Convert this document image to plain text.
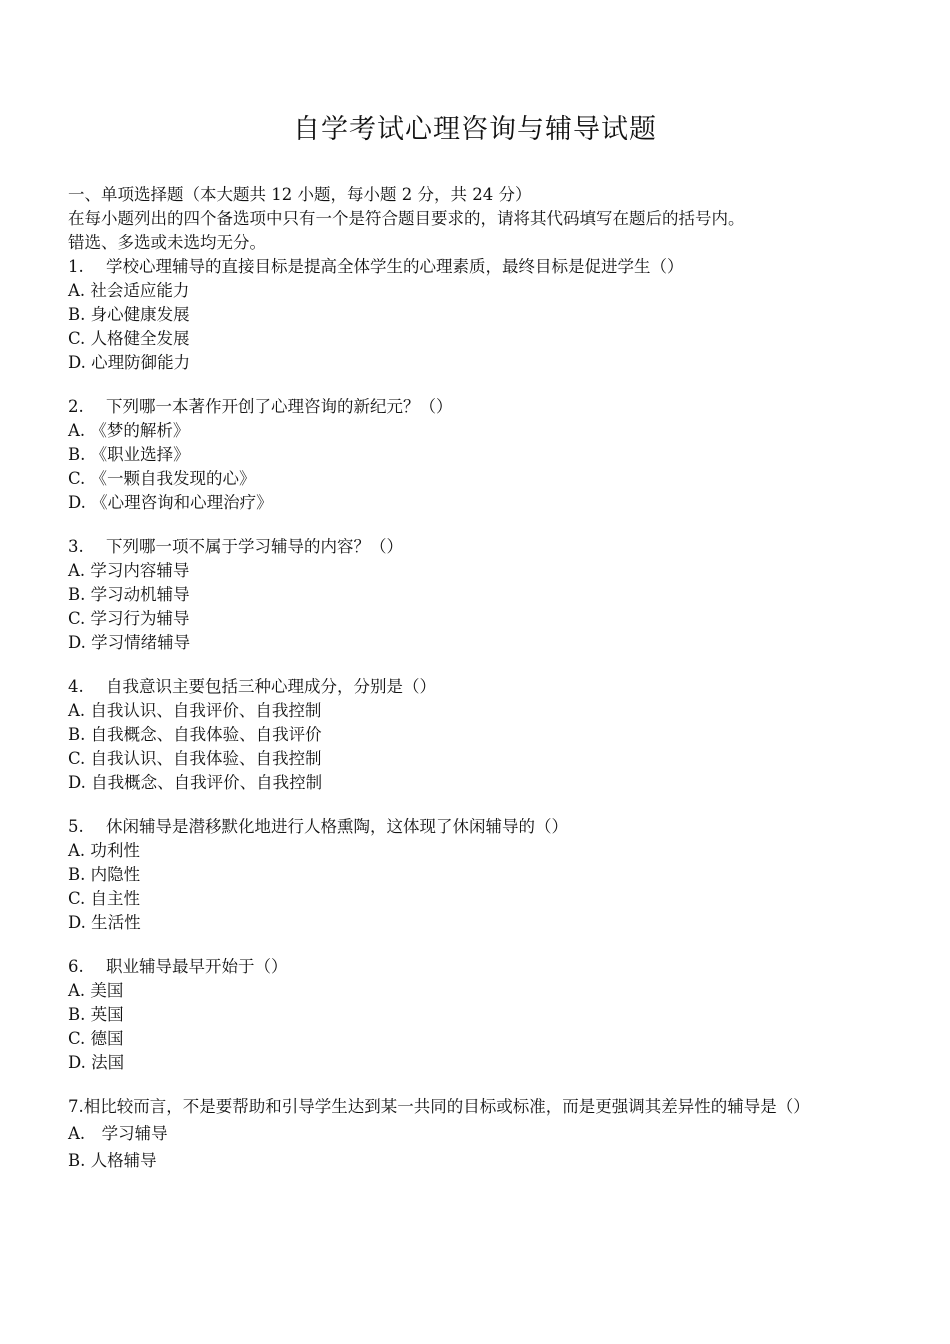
自学考试心理咨询与辅导试题
一、单项选择题（本大题共 12 小题，每小题 2 分，共 24 分）
在每小题列出的四个备选项中只有一个是符合题目要求的，请将其代码填写在题后的括号内。
错选、多选或未选均无分。
1. 学校心理辅导的直接目标是提高全体学生的心理素质，最终目标是促进学生（）
A. 社会适应能力
B. 身心健康发展
C. 人格健全发展
D. 心理防御能力
2. 下列哪一本著作开创了心理咨询的新纪元？（）
A. 《梦的解析》
B. 《职业选择》
C. 《一颗自我发现的心》
D. 《心理咨询和心理治疗》
3. 下列哪一项不属于学习辅导的内容？（）
A. 学习内容辅导
B. 学习动机辅导
C. 学习行为辅导
D. 学习情绪辅导
4. 自我意识主要包括三种心理成分，分别是（）
A. 自我认识、自我评价、自我控制
B. 自我概念、自我体验、自我评价
C. 自我认识、自我体验、自我控制
D. 自我概念、自我评价、自我控制
5. 休闲辅导是潜移默化地进行人格熏陶，这体现了休闲辅导的（）
A. 功利性
B. 内隐性
C. 自主性
D. 生活性
6. 职业辅导最早开始于（）
A. 美国
B. 英国
C. 德国
D. 法国
7.相比较而言，不是要帮助和引导学生达到某一共同的目标或标准，而是更强调其差异性的辅导是（）
A.　学习辅导
B. 人格辅导
